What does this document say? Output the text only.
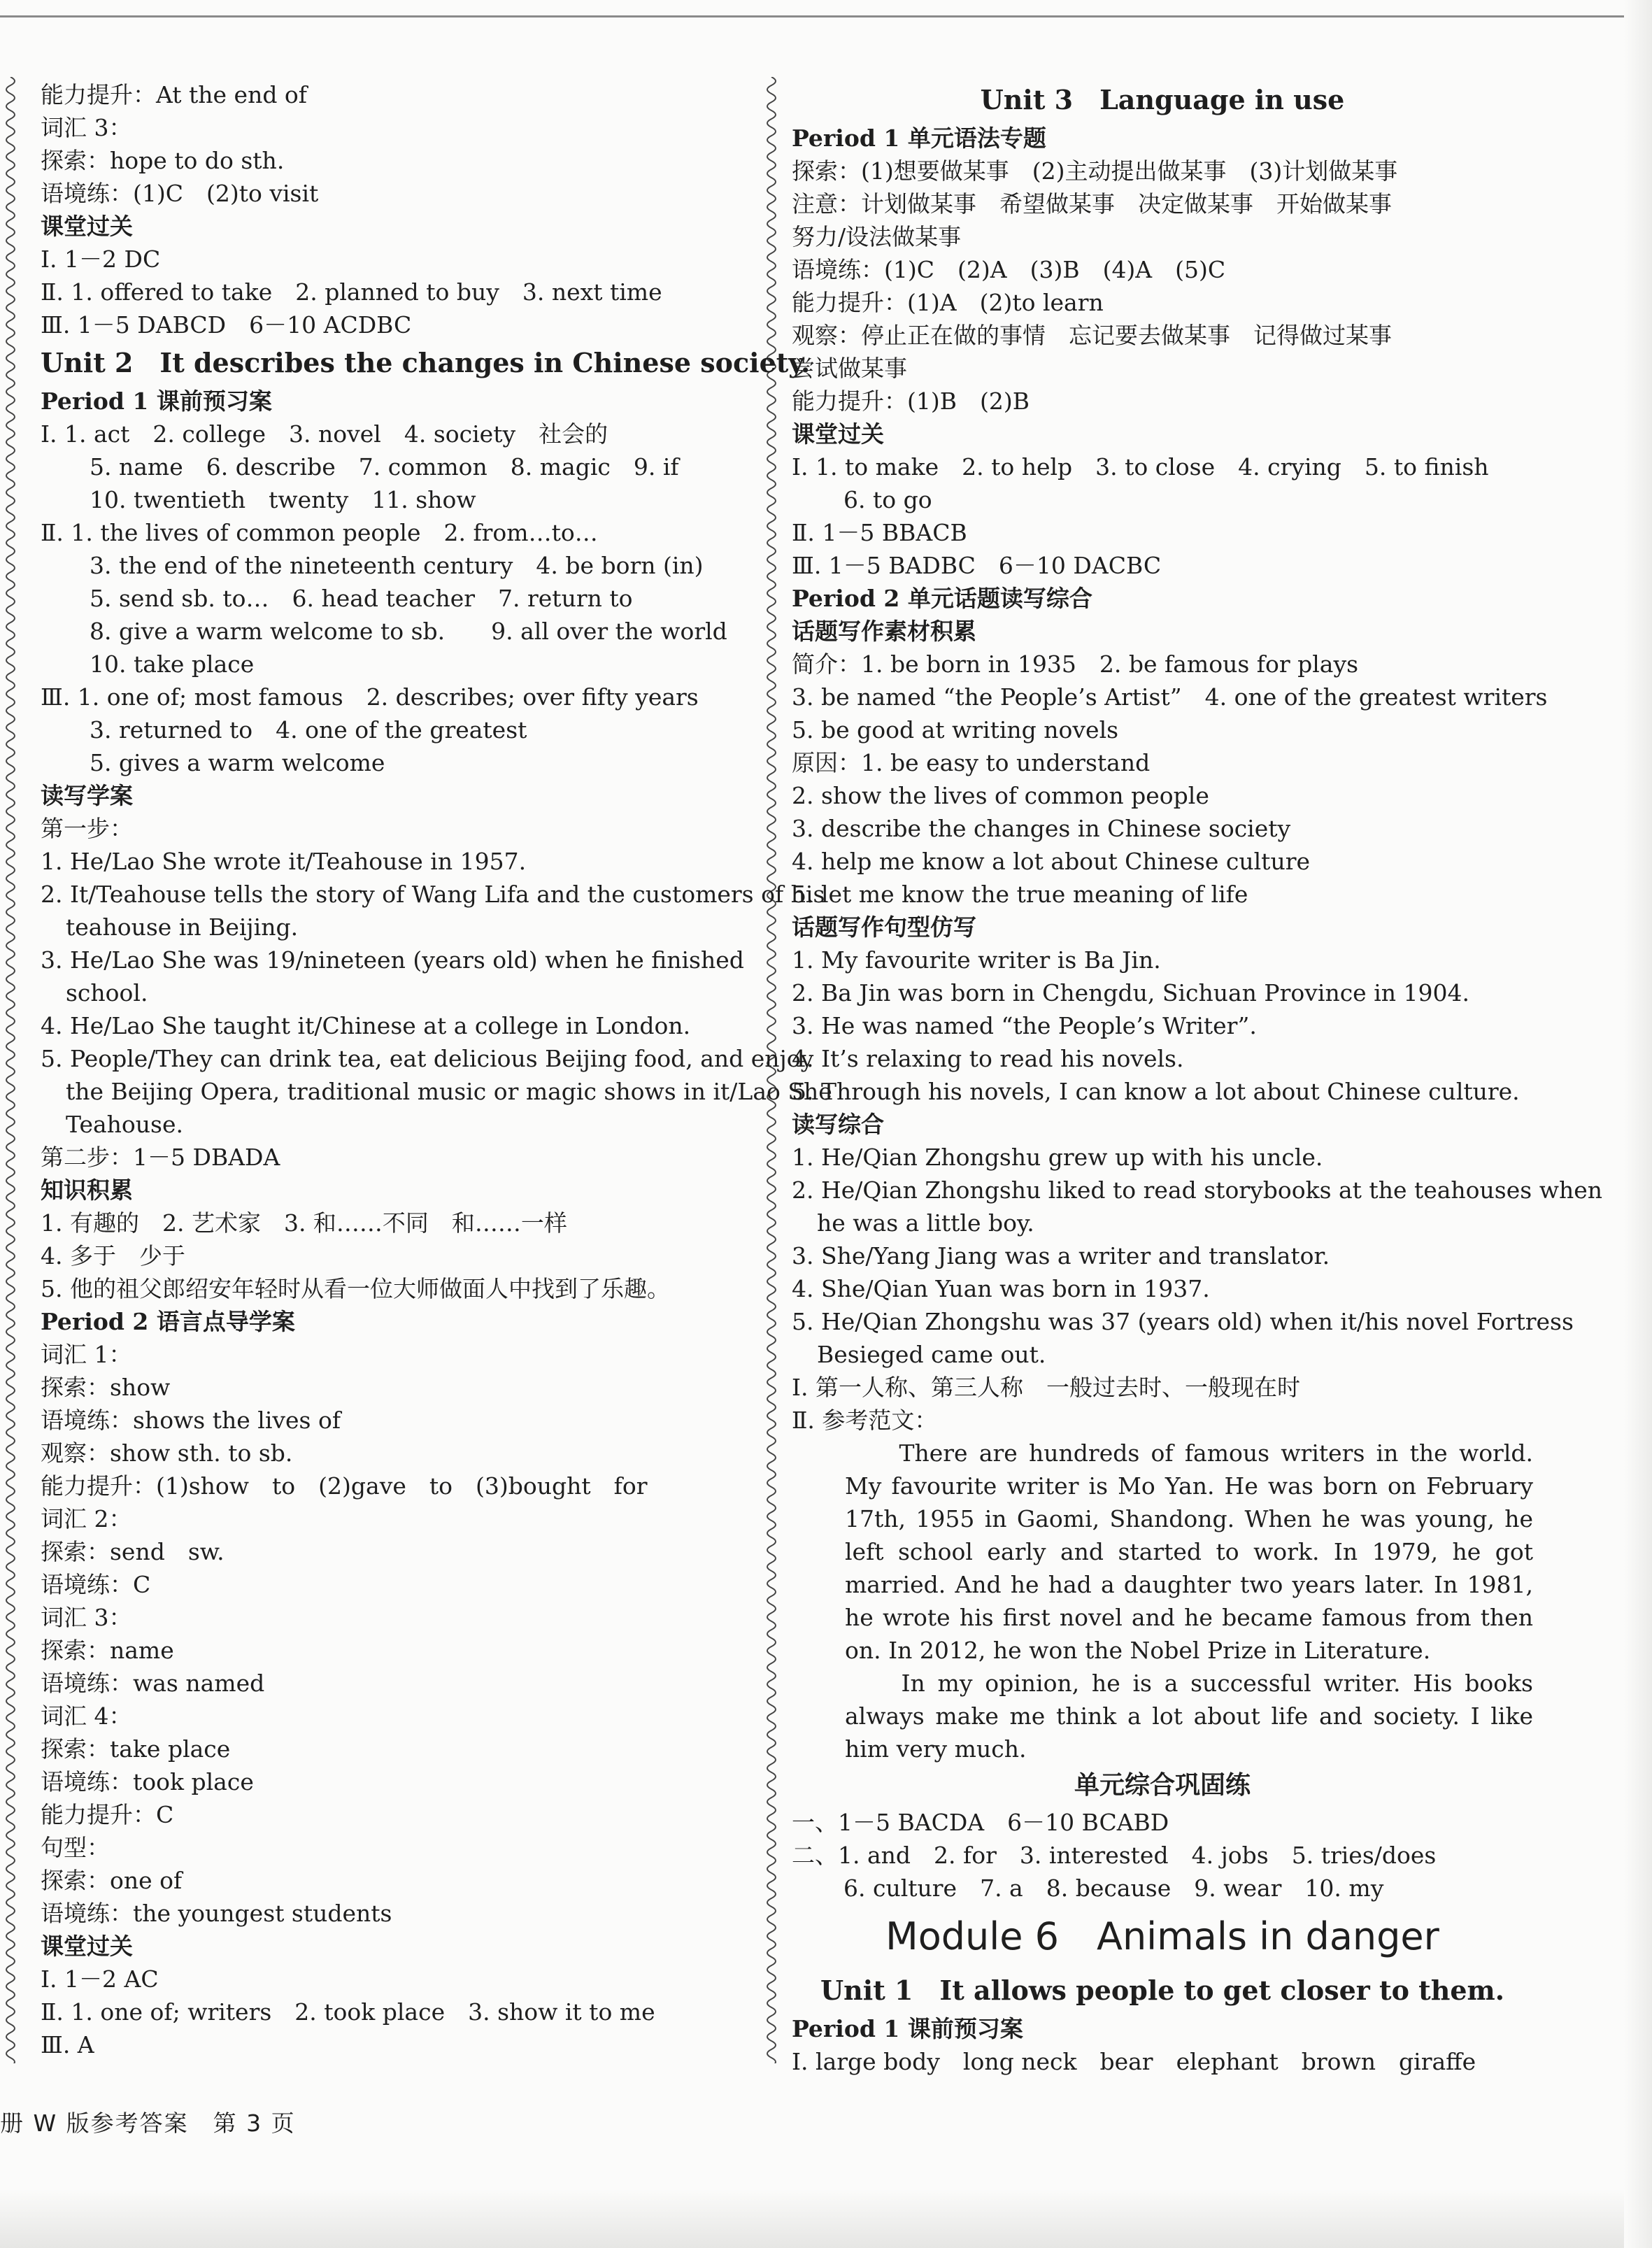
能力提升：At the end of
词汇 3：
探索：hope to do sth.
语境练：(1)C　(2)to visit
课堂过关
Ⅰ. 1－2 DC
Ⅱ. 1. offered to take　2. planned to buy　3. next time
Ⅲ. 1－5 DABCD　6－10 ACDBC
Unit 2　It describes the changes in Chinese society.
Period 1 课前预习案
Ⅰ. 1. act　2. college　3. novel　4. society　社会的
5. name　6. describe　7. common　8. magic　9. if
10. twentieth　twenty　11. show
Ⅱ. 1. the lives of common people　2. from…to…
3. the end of the nineteenth century　4. be born (in)
5. send sb. to…　6. head teacher　7. return to
8. give a warm welcome to sb.　　9. all over the world
10. take place
Ⅲ. 1. one of; most famous　2. describes; over fifty years
3. returned to　4. one of the greatest
5. gives a warm welcome
读写学案
第一步：
1. He/Lao She wrote it/Teahouse in 1957.
2. It/Teahouse tells the story of Wang Lifa and the customers of his
teahouse in Beijing.
3. He/Lao She was 19/nineteen (years old) when he finished
school.
4. He/Lao She taught it/Chinese at a college in London.
5. People/They can drink tea, eat delicious Beijing food, and enjoy
the Beijing Opera, traditional music or magic shows in it/Lao She
Teahouse.
第二步：1－5 DBADA
知识积累
1. 有趣的　2. 艺术家　3. 和……不同　和……一样
4. 多于　少于
5. 他的祖父郎绍安年轻时从看一位大师做面人中找到了乐趣。
Period 2 语言点导学案
词汇 1：
探索：show
语境练：shows the lives of
观察：show sth. to sb.
能力提升：(1)show　to　(2)gave　to　(3)bought　for
词汇 2：
探索：send　sw.
语境练：C
词汇 3：
探索：name
语境练：was named
词汇 4：
探索：take place
语境练：took place
能力提升：C
句型：
探索：one of
语境练：the youngest students
课堂过关
Ⅰ. 1－2 AC
Ⅱ. 1. one of; writers　2. took place　3. show it to me
Ⅲ. A
Unit 3　Language in use
Period 1 单元语法专题
探索：(1)想要做某事　(2)主动提出做某事　(3)计划做某事
注意：计划做某事　希望做某事　决定做某事　开始做某事
努力/设法做某事
语境练：(1)C　(2)A　(3)B　(4)A　(5)C
能力提升：(1)A　(2)to learn
观察：停止正在做的事情　忘记要去做某事　记得做过某事
尝试做某事
能力提升：(1)B　(2)B
课堂过关
Ⅰ. 1. to make　2. to help　3. to close　4. crying　5. to finish
6. to go
Ⅱ. 1－5 BBACB
Ⅲ. 1－5 BADBC　6－10 DACBC
Period 2 单元话题读写综合
话题写作素材积累
简介：1. be born in 1935　2. be famous for plays
3. be named “the People’s Artist”　4. one of the greatest writers
5. be good at writing novels
原因：1. be easy to understand
2. show the lives of common people
3. describe the changes in Chinese society
4. help me know a lot about Chinese culture
5. let me know the true meaning of life
话题写作句型仿写
1. My favourite writer is Ba Jin.
2. Ba Jin was born in Chengdu, Sichuan Province in 1904.
3. He was named “the People’s Writer”.
4. It’s relaxing to read his novels.
5. Through his novels, I can know a lot about Chinese culture.
读写综合
1. He/Qian Zhongshu grew up with his uncle.
2. He/Qian Zhongshu liked to read storybooks at the teahouses when
he was a little boy.
3. She/Yang Jiang was a writer and translator.
4. She/Qian Yuan was born in 1937.
5. He/Qian Zhongshu was 37 (years old) when it/his novel Fortress
Besieged came out.
Ⅰ. 第一人称、第三人称　一般过去时、一般现在时
Ⅱ. 参考范文：
　　There are hundreds of famous writers in the world. My favourite writer is Mo Yan. He was born on February 17th, 1955 in Gaomi, Shandong. When he was young, he left school early and started to work. In 1979, he got married. And he had a daughter two years later. In 1981, he wrote his first novel and he became famous from then on. In 2012, he won the Nobel Prize in Literature.
　　In my opinion, he is a successful writer. His books always make me think a lot about life and society. I like him very much.
单元综合巩固练
一、1－5 BACDA　6－10 BCABD
二、1. and　2. for　3. interested　4. jobs　5. tries/does
6. culture　7. a　8. because　9. wear　10. my
Module 6　Animals in danger
Unit 1　It allows people to get closer to them.
Period 1 课前预习案
Ⅰ. large body　long neck　bear　elephant　brown　giraffe
册 W 版参考答案　第 3 页
